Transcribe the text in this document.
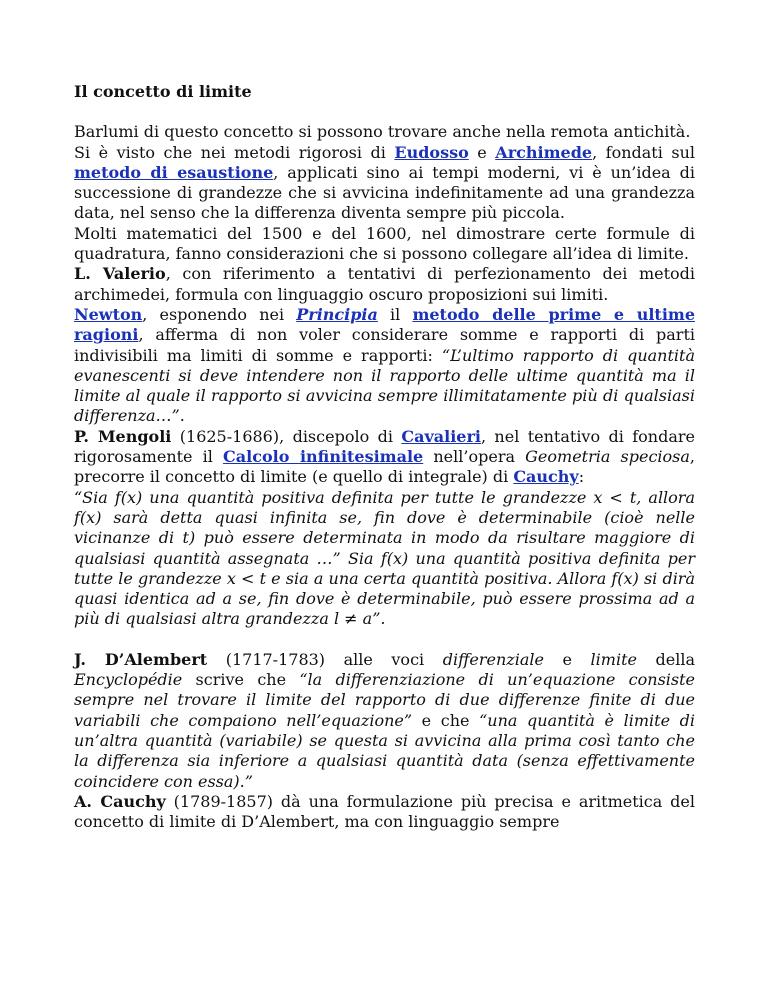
Il concetto di limite

Barlumi di questo concetto si possono trovare anche nella remota antichità.

Si è visto che nei metodi rigorosi di Eudosso e Archimede, fondati sul metodo di esaustione, applicati sino ai tempi moderni, vi è un’idea di successione di grandezze che si avvicina indefinitamente ad una grandezza data, nel senso che la differenza diventa sempre più piccola.

Molti matematici del 1500 e del 1600, nel dimostrare certe formule di quadratura, fanno considerazioni che si possono collegare all’idea di limite.

L. Valerio, con riferimento a tentativi di perfezionamento dei metodi archimedei, formula con linguaggio oscuro proposizioni sui limiti.

Newton, esponendo nei Principia il metodo delle prime e ultime ragioni, afferma di non voler considerare somme e rapporti di parti indivisibili ma limiti di somme e rapporti: “L’ultimo rapporto di quantità evanescenti si deve intendere non il rapporto delle ultime quantità ma il limite al quale il rapporto si avvicina sempre illimitatamente più di qualsiasi differenza…”.

P. Mengoli (1625-1686), discepolo di Cavalieri, nel tentativo di fondare rigorosamente il Calcolo infinitesimale nell’opera Geometria speciosa, precorre il concetto di limite (e quello di integrale) di Cauchy:

“Sia f(x) una quantità positiva definita per tutte le grandezze x < t, allora f(x) sarà detta quasi infinita se, fin dove è determinabile (cioè nelle vicinanze di t) può essere determinata in modo da risultare maggiore di qualsiasi quantità assegnata …” Sia f(x) una quantità positiva definita per tutte le grandezze x < t e sia a una certa quantità positiva. Allora f(x) si dirà quasi identica ad a se, fin dove è determinabile, può essere prossima ad a più di qualsiasi altra grandezza l ≠ a”.

J. D’Alembert (1717-1783) alle voci differenziale e limite della Encyclopédie scrive che “la differenziazione di un’equazione consiste sempre nel trovare il limite del rapporto di due differenze finite di due variabili che compaiono nell’equazione” e che “una quantità è limite di un’altra quantità (variabile) se questa si avvicina alla prima così tanto che la differenza sia inferiore a qualsiasi quantità data (senza effettivamente coincidere con essa).”

A. Cauchy (1789-1857) dà una formulazione più precisa e aritmetica del concetto di limite di D’Alembert, ma con linguaggio sempre
